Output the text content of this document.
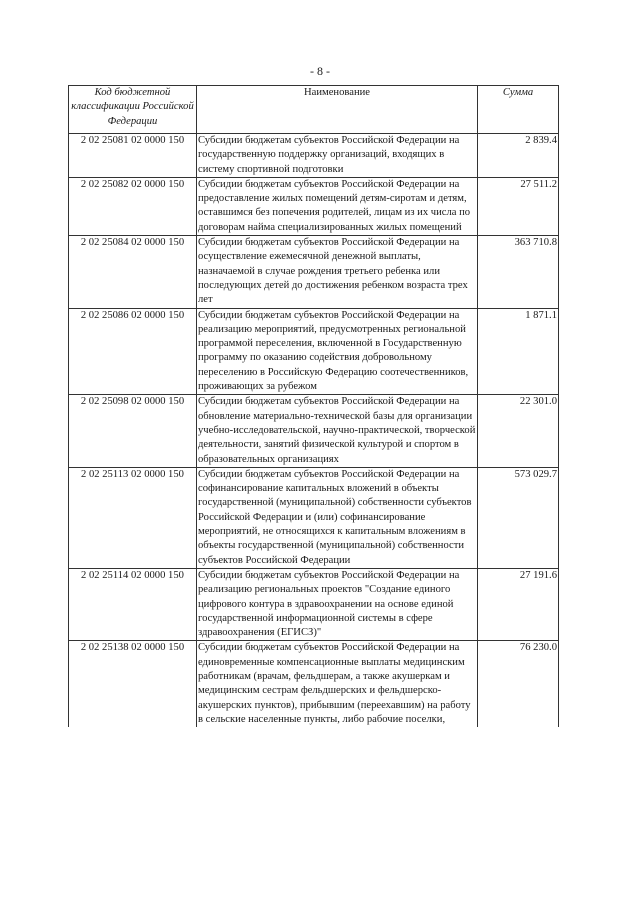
- 8 -
Код бюджетной классификации Российской Федерации	Наименование	Сумма
2 02 25081 02 0000 150	Субсидии бюджетам субъектов Российской Федерации на государственную поддержку организаций, входящих в систему спортивной подготовки	2 839.4
2 02 25082 02 0000 150	Субсидии бюджетам субъектов Российской Федерации на предоставление жилых помещений детям-сиротам и детям, оставшимся без попечения родителей, лицам из их числа по договорам найма специализированных жилых помещений	27 511.2
2 02 25084 02 0000 150	Субсидии бюджетам субъектов Российской Федерации на осуществление ежемесячной денежной выплаты, назначаемой в случае рождения третьего ребенка или последующих детей до достижения ребенком возраста трех лет	363 710.8
2 02 25086 02 0000 150	Субсидии бюджетам субъектов Российской Федерации на реализацию мероприятий, предусмотренных региональной программой переселения, включенной в Государственную программу по оказанию содействия добровольному переселению в Российскую Федерацию соотечественников, проживающих за рубежом	1 871.1
2 02 25098 02 0000 150	Субсидии бюджетам субъектов Российской Федерации на обновление материально-технической базы для организации учебно-исследовательской, научно-практической, творческой деятельности, занятий физической культурой и спортом в образовательных организациях	22 301.0
2 02 25113 02 0000 150	Субсидии бюджетам субъектов Российской Федерации на софинансирование капитальных вложений в объекты государственной (муниципальной) собственности субъектов Российской Федерации и (или) софинансирование мероприятий, не относящихся к капитальным вложениям в объекты государственной (муниципальной) собственности субъектов Российской Федерации	573 029.7
2 02 25114 02 0000 150	Субсидии бюджетам субъектов Российской Федерации на реализацию региональных проектов "Создание единого цифрового контура в здравоохранении на основе единой государственной информационной системы в сфере здравоохранения (ЕГИСЗ)"	27 191.6
2 02 25138 02 0000 150	Субсидии бюджетам субъектов Российской Федерации на единовременные компенсационные выплаты медицинским работникам (врачам, фельдшерам, а также акушеркам и медицинским сестрам фельдшерских и фельдшерско-акушерских пунктов), прибывшим (переехавшим) на работу в сельские населенные пункты, либо рабочие поселки,	76 230.0
